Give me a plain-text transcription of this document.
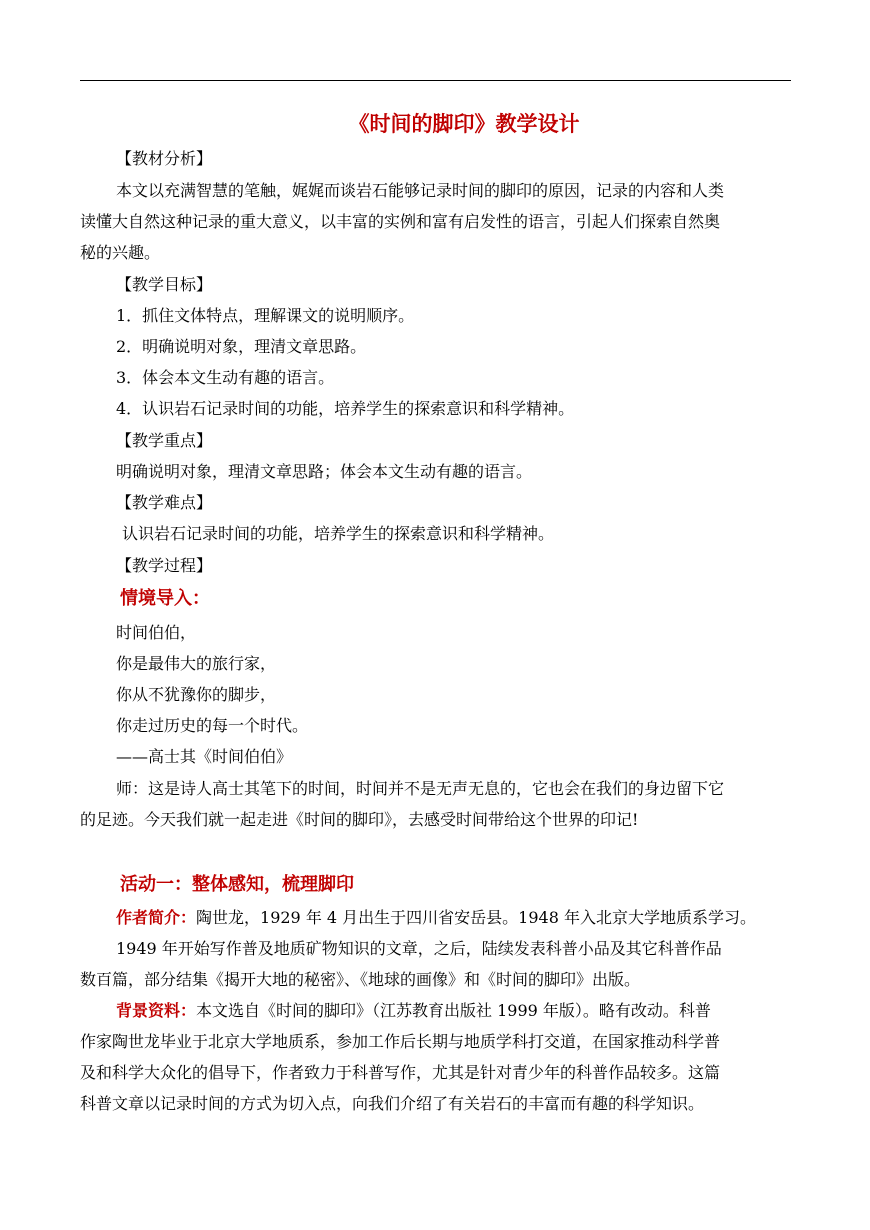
《时间的脚印》教学设计
【教材分析】
本文以充满智慧的笔触，娓娓而谈岩石能够记录时间的脚印的原因，记录的内容和人类
读懂大自然这种记录的重大意义，以丰富的实例和富有启发性的语言，引起人们探索自然奥
秘的兴趣。
【教学目标】
1．抓住文体特点，理解课文的说明顺序。
2．明确说明对象，理清文章思路。
3．体会本文生动有趣的语言。
4．认识岩石记录时间的功能，培养学生的探索意识和科学精神。
【教学重点】
明确说明对象，理清文章思路；体会本文生动有趣的语言。
【教学难点】
认识岩石记录时间的功能，培养学生的探索意识和科学精神。
【教学过程】
情境导入：
时间伯伯，
你是最伟大的旅行家，
你从不犹豫你的脚步，
你走过历史的每一个时代。
——高士其《时间伯伯》
师：这是诗人高士其笔下的时间，时间并不是无声无息的，它也会在我们的身边留下它
的足迹。今天我们就一起走进《时间的脚印》，去感受时间带给这个世界的印记!
活动一：整体感知，梳理脚印
作者简介：陶世龙，1929 年 4 月出生于四川省安岳县。1948 年入北京大学地质系学习。
1949 年开始写作普及地质矿物知识的文章，之后，陆续发表科普小品及其它科普作品
数百篇，部分结集《揭开大地的秘密》、《地球的画像》和《时间的脚印》出版。
背景资料：本文选自《时间的脚印》（江苏教育出版社 1999 年版）。略有改动。科普
作家陶世龙毕业于北京大学地质系，参加工作后长期与地质学科打交道，在国家推动科学普
及和科学大众化的倡导下，作者致力于科普写作，尤其是针对青少年的科普作品较多。这篇
科普文章以记录时间的方式为切入点，向我们介绍了有关岩石的丰富而有趣的科学知识。
